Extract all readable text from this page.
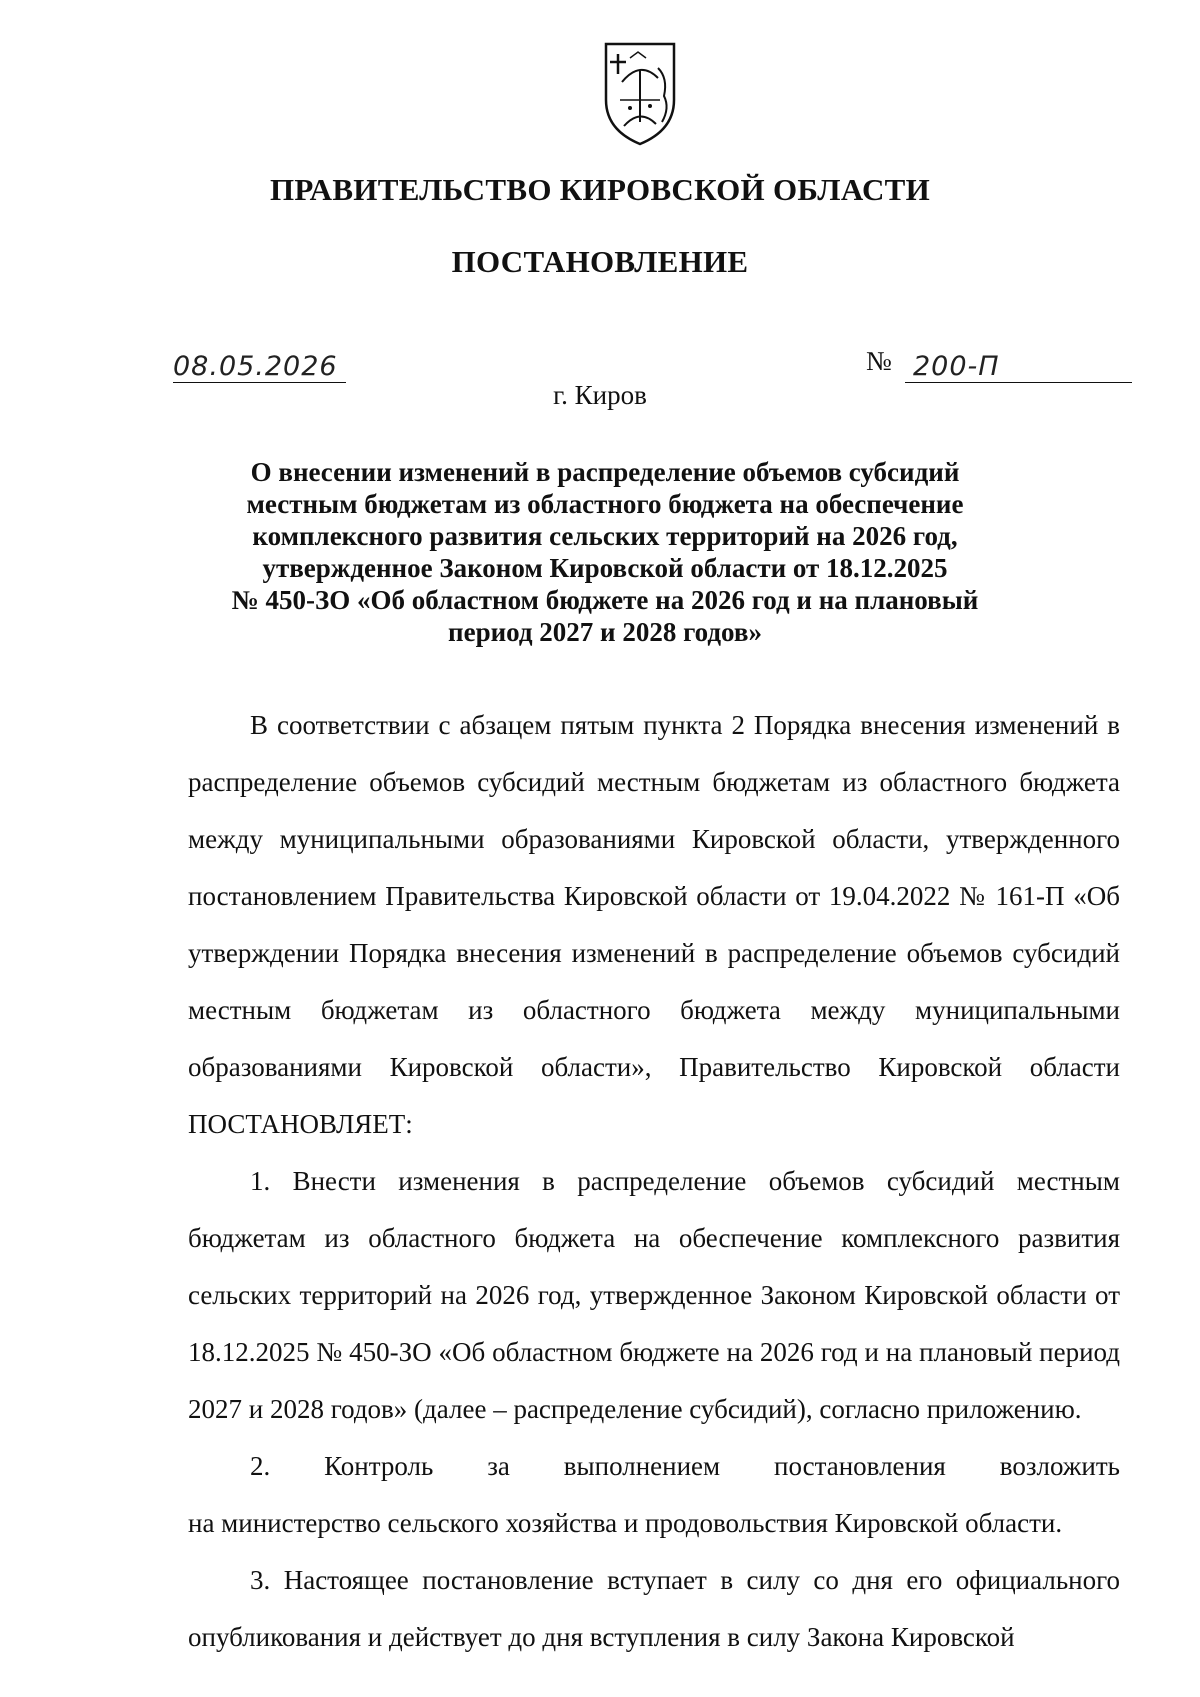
ПРАВИТЕЛЬСТВО КИРОВСКОЙ ОБЛАСТИ
ПОСТАНОВЛЕНИЕ
08.05.2026	№ 200-П
г. Киров
О внесении изменений в распределение объемов субсидий
местным бюджетам из областного бюджета на обеспечение
комплексного развития сельских территорий на 2026 год,
утвержденное Законом Кировской области от 18.12.2025
№ 450-ЗО «Об областном бюджете на 2026 год и на плановый
период 2027 и 2028 годов»

В соответствии с абзацем пятым пункта 2 Порядка внесения изменений в распределение объемов субсидий местным бюджетам из областного бюджета между муниципальными образованиями Кировской области, утвержденного постановлением Правительства Кировской области от 19.04.2022 № 161-П «Об утверждении Порядка внесения изменений в распределение объемов субсидий местным бюджетам из областного бюджета между муниципальными образованиями Кировской области», Правительство Кировской области ПОСТАНОВЛЯЕТ:

1. Внести изменения в распределение объемов субсидий местным бюджетам из областного бюджета на обеспечение комплексного развития сельских территорий на 2026 год, утвержденное Законом Кировской области от 18.12.2025 № 450-ЗО «Об областном бюджете на 2026 год и на плановый период 2027 и 2028 годов» (далее – распределение субсидий), согласно приложению.

2. Контроль за выполнением постановления возложить
на министерство сельского хозяйства и продовольствия Кировской области.

3. Настоящее постановление вступает в силу со дня его официального опубликования и действует до дня вступления в силу Закона Кировской
